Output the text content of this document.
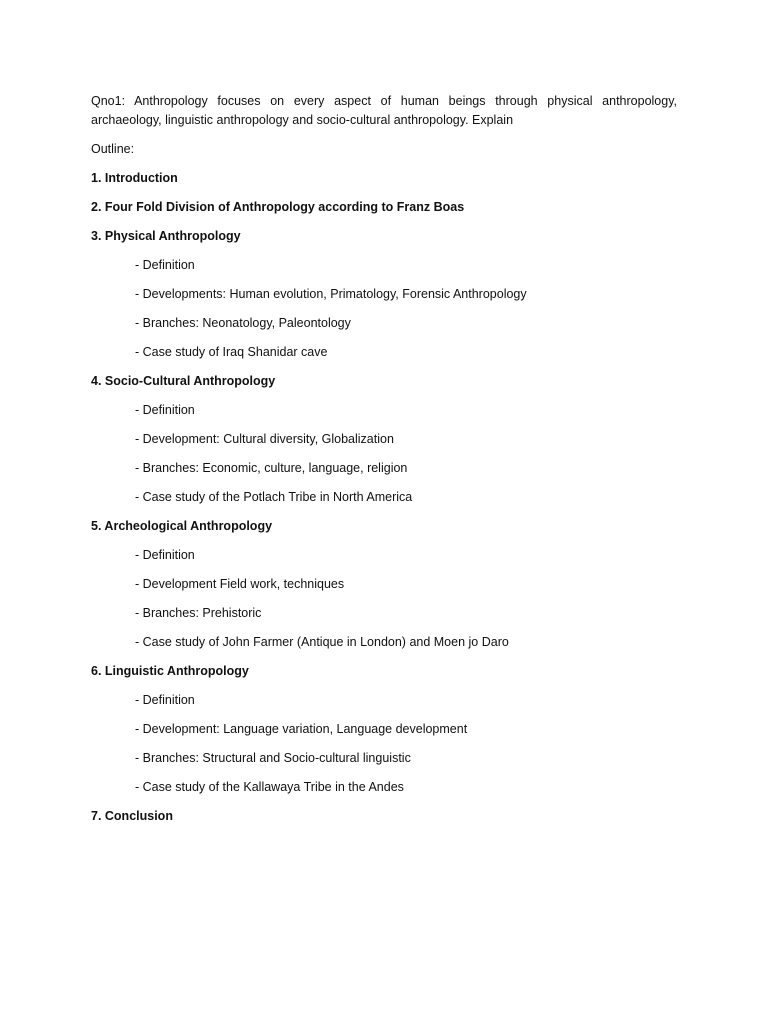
Qno1: Anthropology focuses on every aspect of human beings through physical anthropology, archaeology, linguistic anthropology and socio-cultural anthropology. Explain

Outline:

1. Introduction

2. Four Fold Division of Anthropology according to Franz Boas

3. Physical Anthropology

- Definition

- Developments: Human evolution, Primatology, Forensic Anthropology

- Branches: Neonatology, Paleontology

- Case study of Iraq Shanidar cave

4. Socio-Cultural Anthropology

- Definition

- Development: Cultural diversity, Globalization

- Branches: Economic, culture, language, religion

- Case study of the Potlach Tribe in North America

5. Archeological Anthropology

- Definition

- Development Field work, techniques

- Branches: Prehistoric

- Case study of John Farmer (Antique in London) and Moen jo Daro

6. Linguistic Anthropology

- Definition

- Development: Language variation, Language development

- Branches: Structural and Socio-cultural linguistic

- Case study of the Kallawaya Tribe in the Andes

7. Conclusion
